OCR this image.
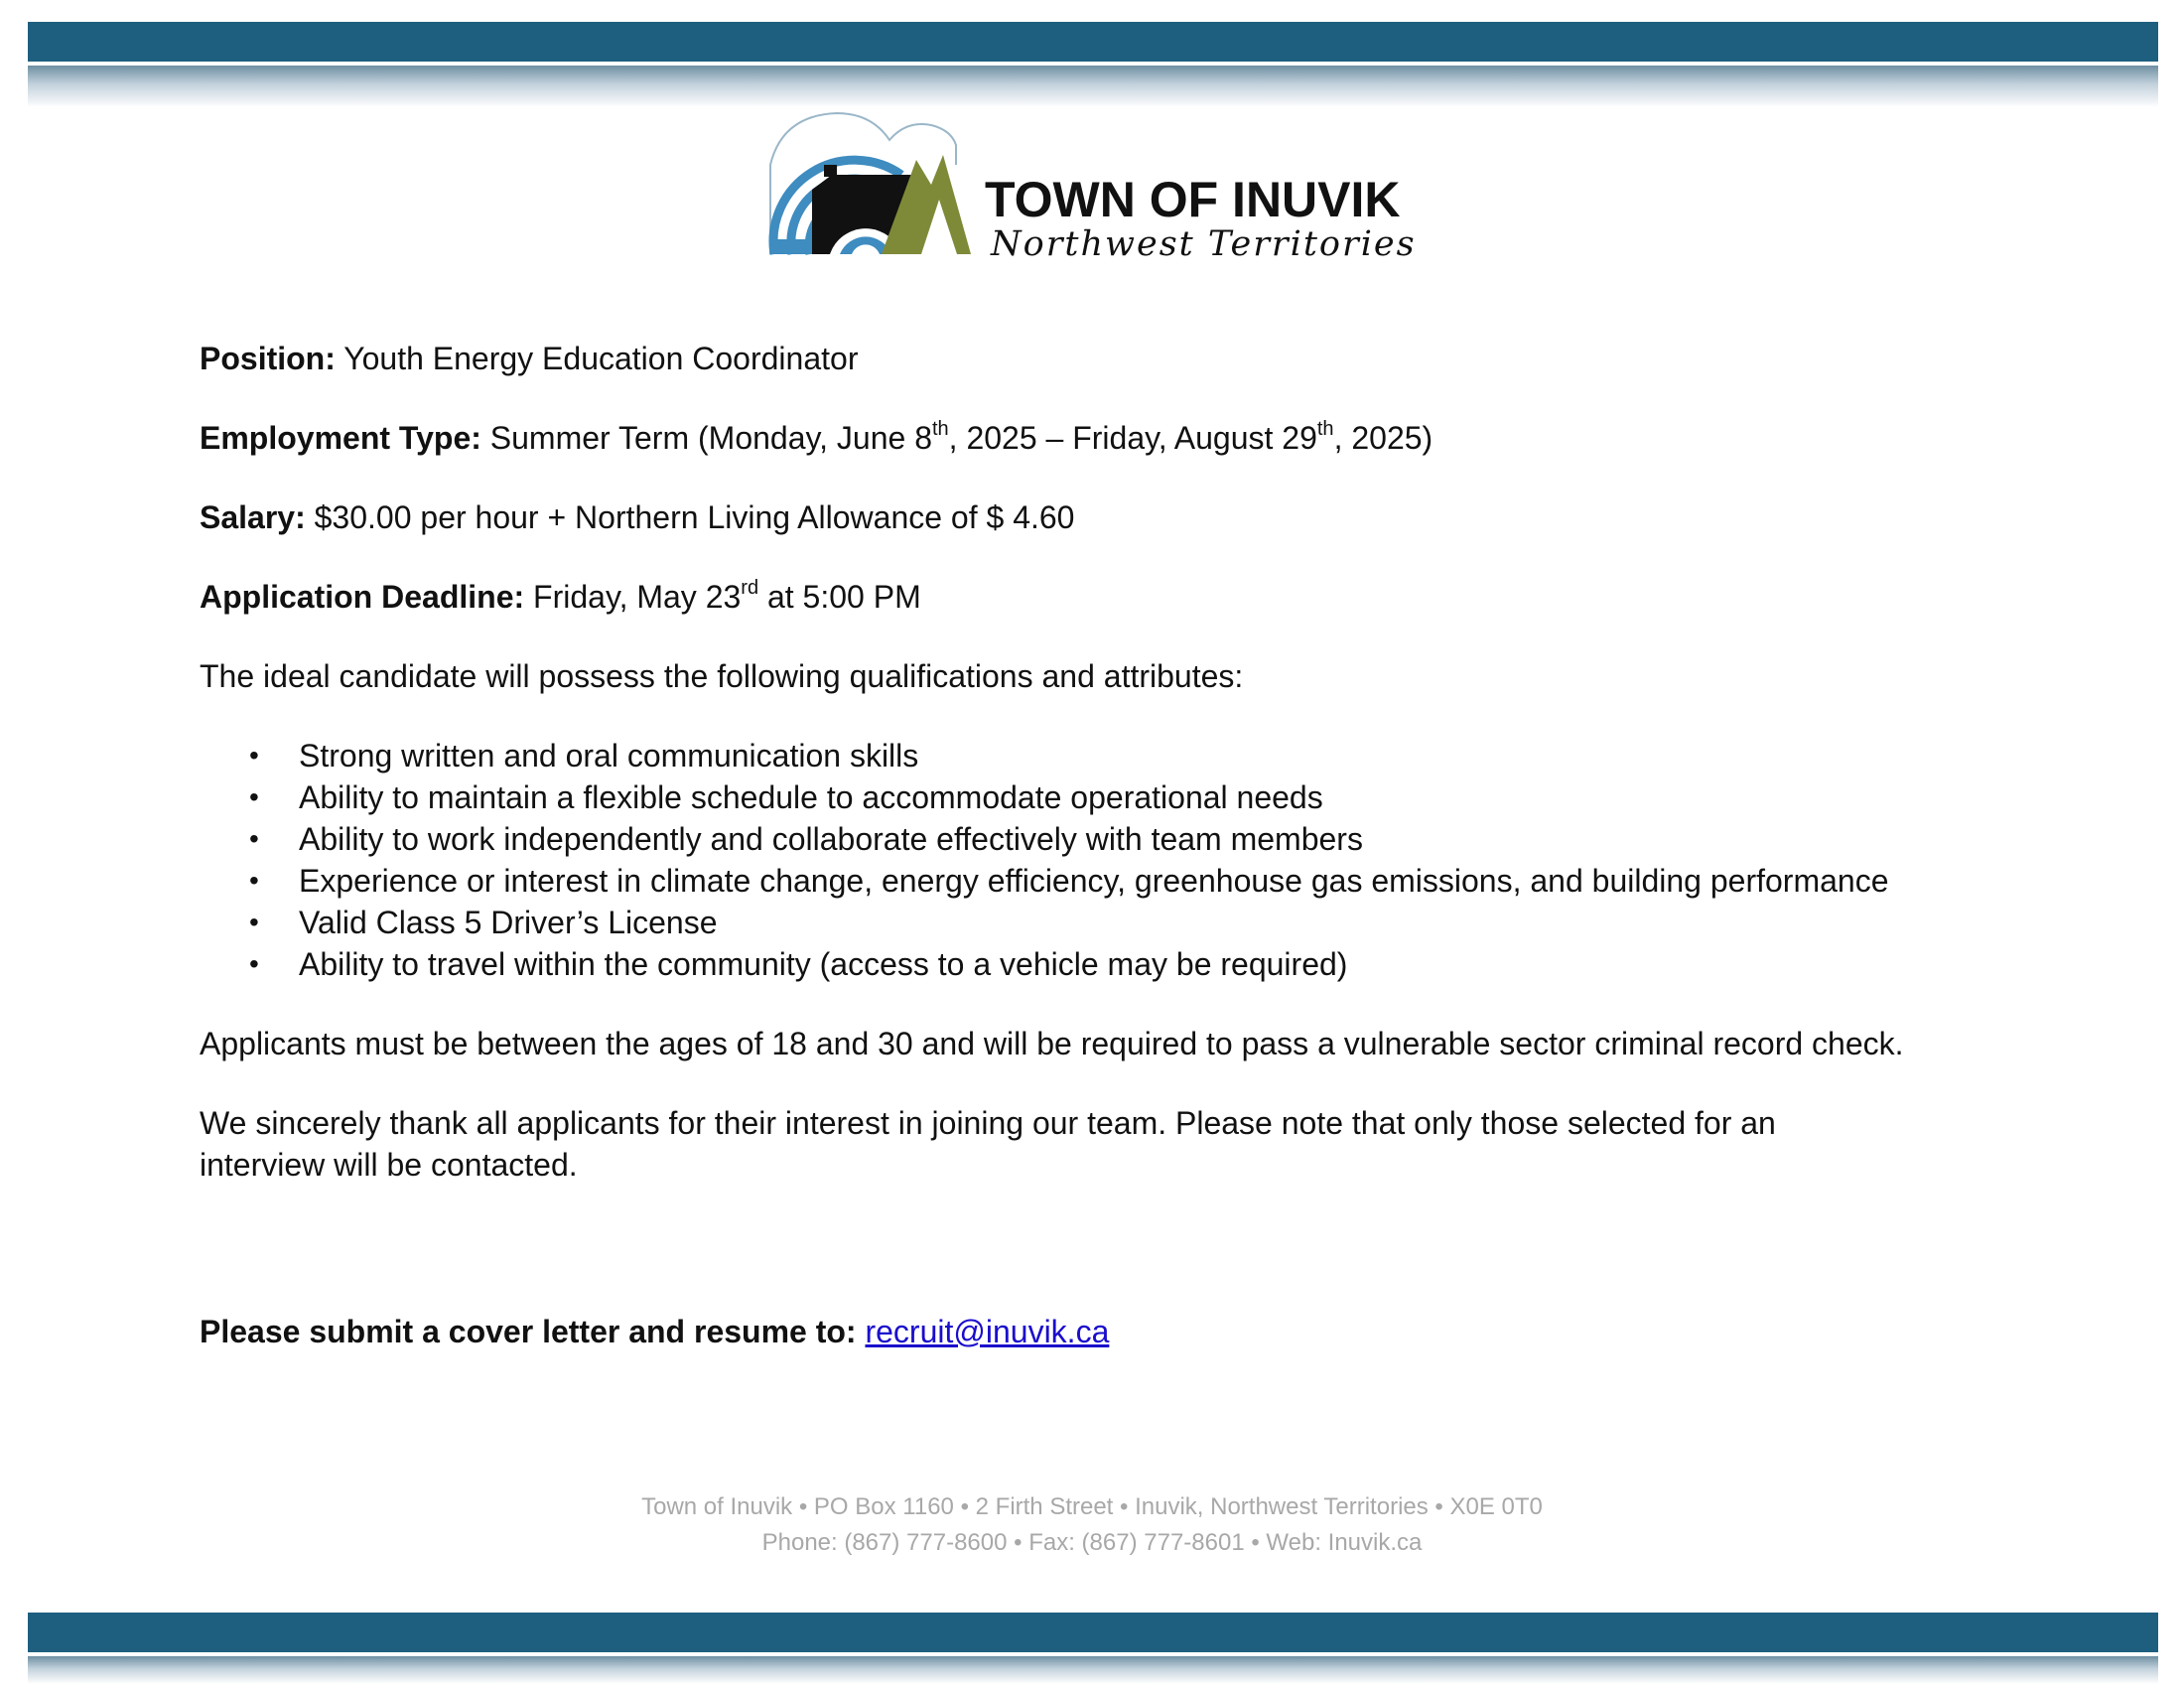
TOWN OF INUVIK
Northwest Territories

Position: Youth Energy Education Coordinator

Employment Type: Summer Term (Monday, June 8th, 2025 – Friday, August 29th, 2025)

Salary: $30.00 per hour + Northern Living Allowance of $ 4.60

Application Deadline: Friday, May 23rd at 5:00 PM

The ideal candidate will possess the following qualifications and attributes:

• Strong written and oral communication skills
• Ability to maintain a flexible schedule to accommodate operational needs
• Ability to work independently and collaborate effectively with team members
• Experience or interest in climate change, energy efficiency, greenhouse gas emissions, and building performance
• Valid Class 5 Driver’s License
• Ability to travel within the community (access to a vehicle may be required)

Applicants must be between the ages of 18 and 30 and will be required to pass a vulnerable sector criminal record check.

We sincerely thank all applicants for their interest in joining our team. Please note that only those selected for an interview will be contacted.

Please submit a cover letter and resume to: recruit@inuvik.ca
Town of Inuvik • PO Box 1160 • 2 Firth Street • Inuvik, Northwest Territories • X0E 0T0
Phone: (867) 777-8600 • Fax: (867) 777-8601 • Web: Inuvik.ca
